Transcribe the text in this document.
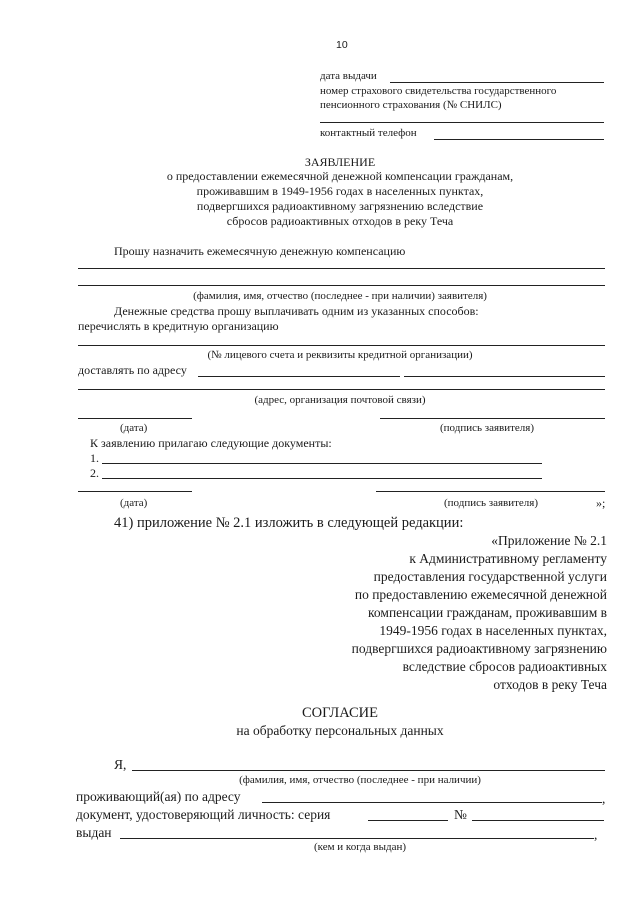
10
дата выдачи
номер страхового свидетельства государственного
пенсионного страхования (№ СНИЛС)
контактный телефон
ЗАЯВЛЕНИЕ
о предоставлении ежемесячной денежной компенсации гражданам,
проживавшим в 1949-1956 годах в населенных пунктах,
подвергшихся радиоактивному загрязнению вследствие
сбросов радиоактивных отходов в реку Теча
Прошу назначить ежемесячную денежную компенсацию
(фамилия, имя, отчество (последнее - при наличии) заявителя)
Денежные средства прошу выплачивать одним из указанных способов:
перечислять в кредитную организацию
(№ лицевого счета и реквизиты кредитной организации)
доставлять по адресу
(адрес, организация почтовой связи)
(дата)	(подпись заявителя)
К заявлению прилагаю следующие документы:
1.
2.
(дата)	(подпись заявителя)	»;
41) приложение № 2.1 изложить в следующей редакции:
«Приложение № 2.1
к Административному регламенту
предоставления государственной услуги
по предоставлению ежемесячной денежной
компенсации гражданам, проживавшим в
1949-1956 годах в населенных пунктах,
подвергшихся радиоактивному загрязнению
вследствие сбросов радиоактивных
отходов в реку Теча
СОГЛАСИЕ
на обработку персональных данных
Я,
(фамилия, имя, отчество (последнее - при наличии)
проживающий(ая) по адресу	,
документ, удостоверяющий личность: серия	№
выдан	,
(кем и когда выдан)
